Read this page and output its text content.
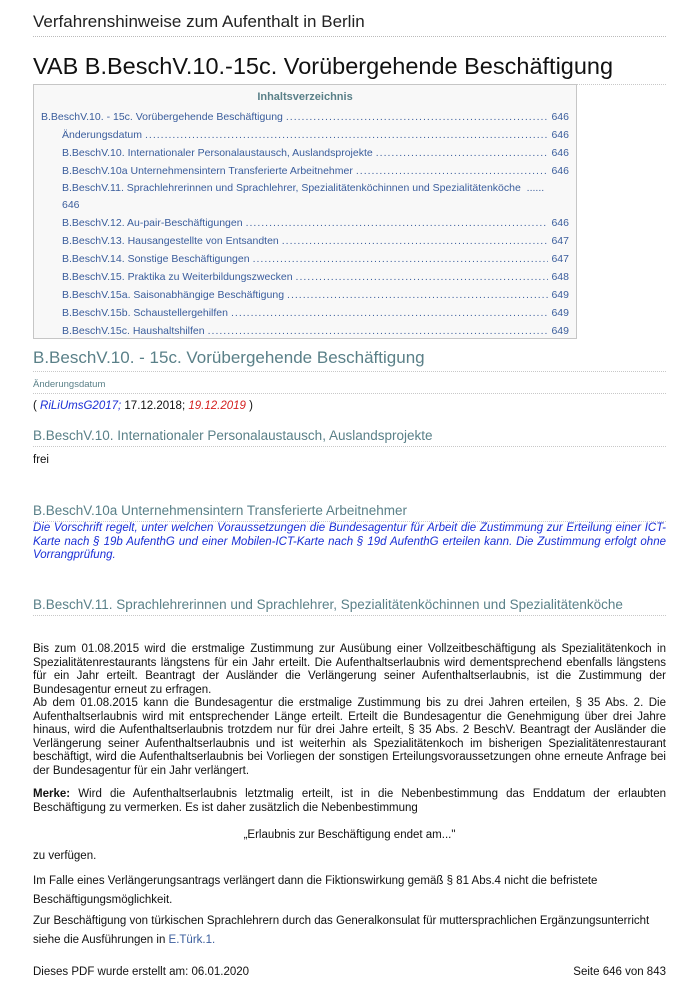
Verfahrenshinweise zum Aufenthalt in Berlin
VAB B.BeschV.10.-15c. Vorübergehende Beschäftigung
Inhaltsverzeichnis
B.BeschV.10. - 15c. Vorübergehende Beschäftigung .....	646
Änderungsdatum .....	646
B.BeschV.10. Internationaler Personalaustausch, Auslandsprojekte .....	646
B.BeschV.10a Unternehmensintern Transferierte Arbeitnehmer .....	646
B.BeschV.11. Sprachlehrerinnen und Sprachlehrer, Spezialitätenköchinnen und Spezialitätenköche ......
646
B.BeschV.12. Au-pair-Beschäftigungen .....	646
B.BeschV.13. Hausangestellte von Entsandten .....	647
B.BeschV.14. Sonstige Beschäftigungen .....	647
B.BeschV.15. Praktika zu Weiterbildungszwecken .....	648
B.BeschV.15a. Saisonabhängige Beschäftigung .....	649
B.BeschV.15b. Schaustellergehilfen .....	649
B.BeschV.15c. Haushaltshilfen .....	649
B.BeschV.10. - 15c. Vorübergehende Beschäftigung
Änderungsdatum
( RiLiUmsG2017; 17.12.2018; 19.12.2019 )
B.BeschV.10. Internationaler Personalaustausch, Auslandsprojekte
frei
B.BeschV.10a Unternehmensintern Transferierte Arbeitnehmer
Die Vorschrift regelt, unter welchen Voraussetzungen die Bundesagentur für Arbeit die Zustimmung zur Erteilung einer ICT-Karte nach § 19b AufenthG und einer Mobilen-ICT-Karte nach § 19d AufenthG erteilen kann. Die Zustimmung erfolgt ohne Vorrangprüfung.
B.BeschV.11. Sprachlehrerinnen und Sprachlehrer, Spezialitätenköchinnen und Spezialitätenköche
Bis zum 01.08.2015 wird die erstmalige Zustimmung zur Ausübung einer Vollzeitbeschäftigung als Spezialitätenkoch in Spezialitätenrestaurants längstens für ein Jahr erteilt. Die Aufenthaltserlaubnis wird dementsprechend ebenfalls längstens für ein Jahr erteilt. Beantragt der Ausländer die Verlängerung seiner Aufenthaltserlaubnis, ist die Zustimmung der Bundesagentur erneut zu erfragen.
Ab dem 01.08.2015 kann die Bundesagentur die erstmalige Zustimmung bis zu drei Jahren erteilen, § 35 Abs. 2. Die Aufenthaltserlaubnis wird mit entsprechender Länge erteilt. Erteilt die Bundesagentur die Genehmigung über drei Jahre hinaus, wird die Aufenthaltserlaubnis trotzdem nur für drei Jahre erteilt, § 35 Abs. 2 BeschV. Beantragt der Ausländer die Verlängerung seiner Aufenthaltserlaubnis und ist weiterhin als Spezialitätenkoch im bisherigen Spezialitätenrestaurant beschäftigt, wird die Aufenthaltserlaubnis bei Vorliegen der sonstigen Erteilungsvoraussetzungen ohne erneute Anfrage bei der Bundesagentur für ein Jahr verlängert.
Merke: Wird die Aufenthaltserlaubnis letztmalig erteilt, ist in die Nebenbestimmung das Enddatum der erlaubten Beschäftigung zu vermerken. Es ist daher zusätzlich die Nebenbestimmung
„Erlaubnis zur Beschäftigung endet am..."
zu verfügen.
Im Falle eines Verlängerungsantrags verlängert dann die Fiktionswirkung gemäß § 81 Abs.4 nicht die befristete Beschäftigungsmöglichkeit.
Zur Beschäftigung von türkischen Sprachlehrern durch das Generalkonsulat für muttersprachlichen Ergänzungsunterricht siehe die Ausführungen in E.Türk.1.
Dieses PDF wurde erstellt am: 06.01.2020	Seite 646 von 843
